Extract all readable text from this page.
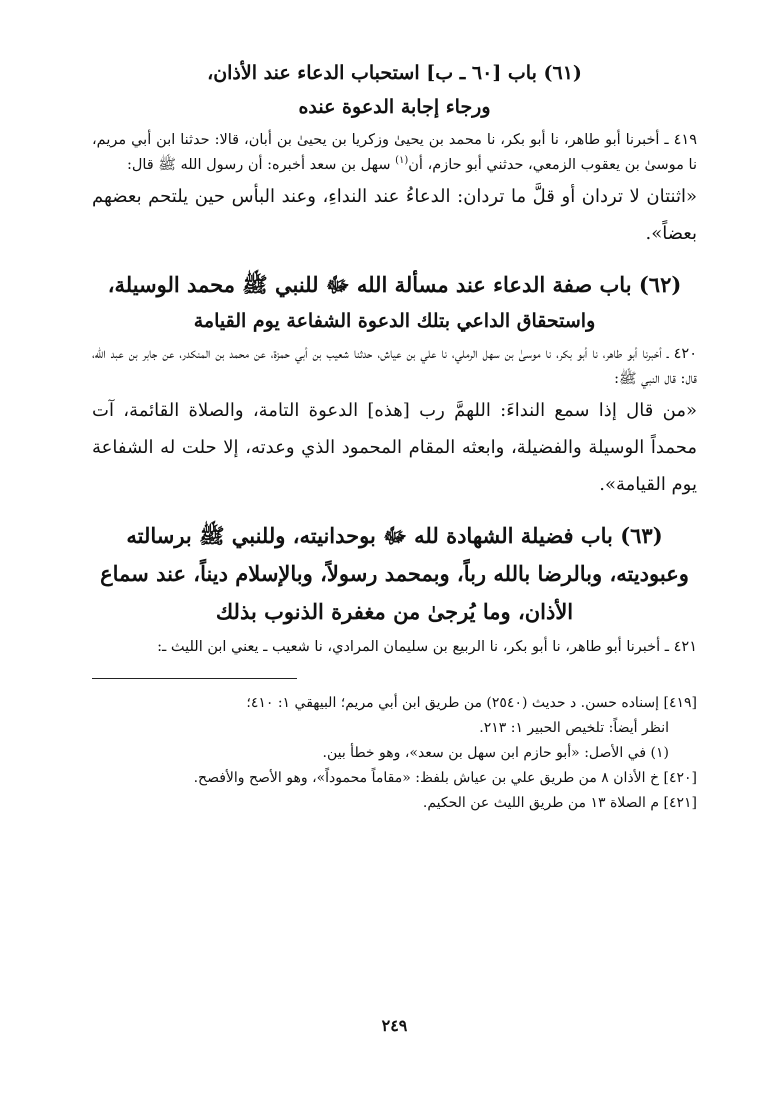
(٦١) باب [٦٠ ـ ب] استحباب الدعاء عند الأذان،

ورجاء إجابة الدعوة عنده

٤١٩ ـ أخبرنا أبو طاهر، نا أبو بكر، نا محمد بن يحيىٰ وزكريا بن يحيىٰ بن أبان، قالا: حدثنا ابن أبي مريم، نا موسىٰ بن يعقوب الزمعي، حدثني أبو حازم، أن$^{(١)}$ سهل بن سعد أخبره: أن رسول الله ﷺ قال:

«اثنتان لا تردان أو قلَّ ما تردان: الدعاءُ عند النداءِ، وعند البأس حين يلتحم بعضهم بعضاً».

(٦٢) باب صفة الدعاء عند مسألة الله ﷻ للنبي ﷺ محمد الوسيلة،

واستحقاق الداعي بتلك الدعوة الشفاعة يوم القيامة

٤٢٠ ـ أخبرنا أبو طاهر، نا أبو بكر، نا موسىٰ بن سهل الرملي، نا علي بن عياش، حدثنا شعيب بن أبي حمزة، عن محمد بن المنكدر، عن جابر بن عبد الله، قال: قال النبي ﷺ:

«من قال إذا سمع النداءَ: اللهمَّ رب [هذه] الدعوة التامة، والصلاة القائمة، آت محمداً الوسيلة والفضيلة، وابعثه المقام المحمود الذي وعدته، إلا حلت له الشفاعة يوم القيامة».

(٦٣) باب فضيلة الشهادة لله ﷻ بوحدانيته، وللنبي ﷺ برسالته وعبوديته، وبالرضا بالله رباً، وبمحمد رسولاً، وبالإسلام ديناً، عند سماع الأذان، وما يُرجىٰ من مغفرة الذنوب بذلك

٤٢١ ـ أخبرنا أبو طاهر، نا أبو بكر، نا الربيع بن سليمان المرادي، نا شعيب ـ يعني ابن الليث ـ:

[٤١٩] إسناده حسن. د حديث (٢٥٤٠) من طريق ابن أبي مريم؛ البيهقي ١: ٤١٠؛

انظر أيضاً: تلخيص الحبير ١: ٢١٣.

(١) في الأصل: «أبو حازم ابن سهل بن سعد»، وهو خطأ بين.

[٤٢٠] خ الأذان ٨ من طريق علي بن عياش بلفظ: «مقاماً محموداً»، وهو الأصح والأفصح.

[٤٢١] م الصلاة ١٣ من طريق الليث عن الحكيم.

٢٤٩
